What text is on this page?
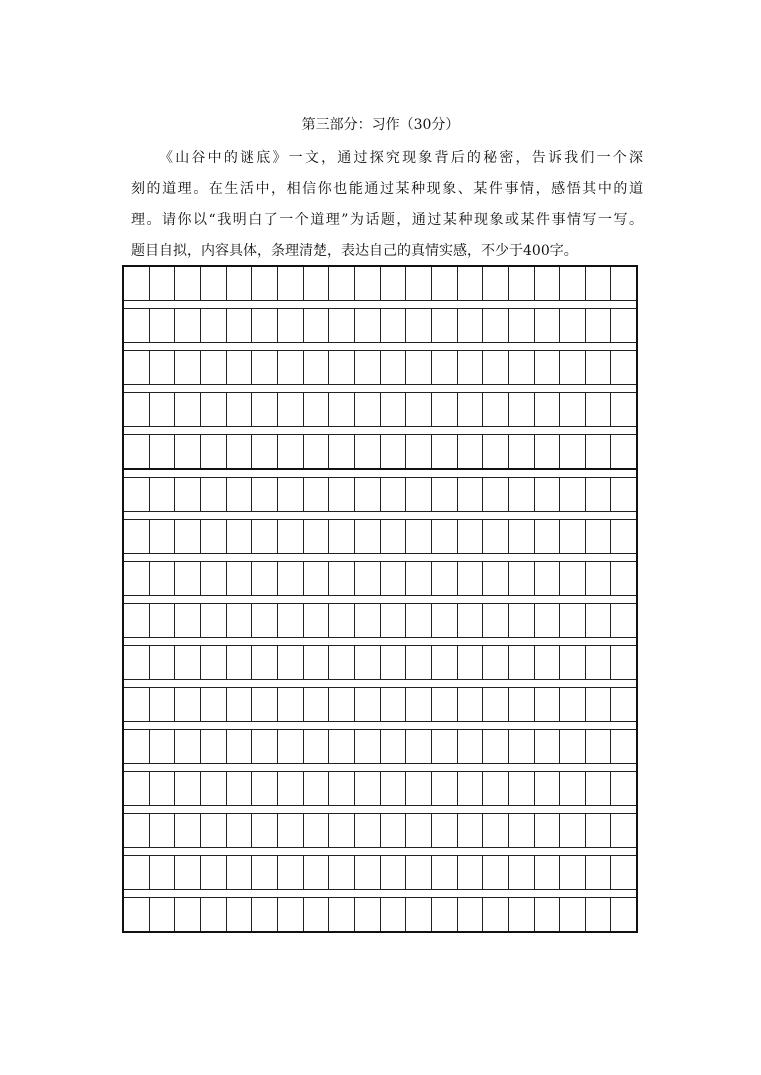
第三部分：习作（30分）
《山谷中的谜底》一文，通过探究现象背后的秘密，告诉我们一个深
刻的道理。在生活中，相信你也能通过某种现象、某件事情，感悟其中的道
理。请你以“我明白了一个道理”为话题，通过某种现象或某件事情写一写。
题目自拟，内容具体，条理清楚，表达自己的真情实感，不少于400字。
